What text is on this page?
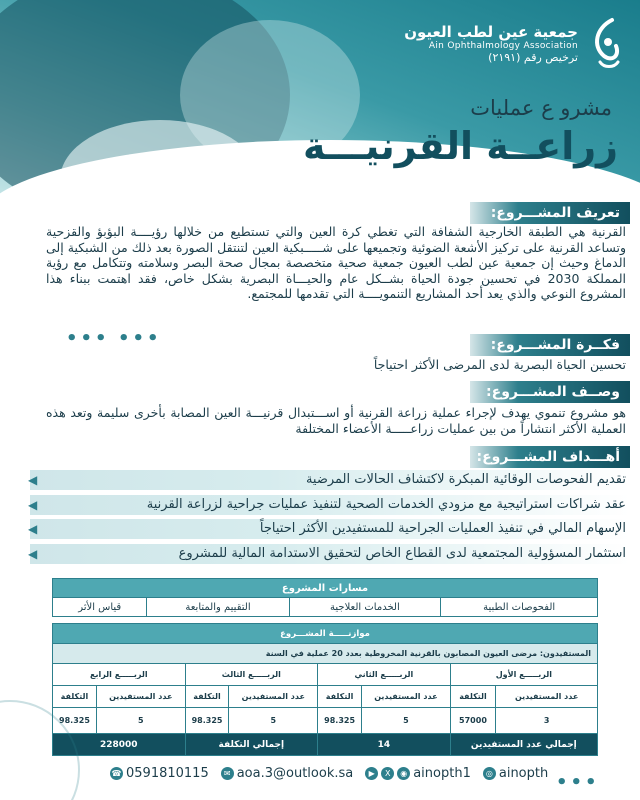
جمعية عين لطب العيون
Ain Ophthalmology Association
ترخيص رقم (٢١٩١)
مشرو ع عمليات
زراعــة القرنيـــة
تعريف المشـــروع:
القرنية هي الطبقة الخارجية الشفافة التي تغطي كرة العين والتي تستطيع من خلالها رؤيــــة البؤبؤ والقزحية وتساعد القرنية على تركيز الأشعة الضوئية وتجميعها على شـــــبكية العين لتنتقل الصورة بعد ذلك من الشبكية إلى الدماغ وحيث إن جمعية عين لطب العيون جمعية صحية متخصصة بمجال صحة البصر وسلامته وتتكامل مع رؤية المملكة 2030 في تحسين جودة الحياة بشــكل عام والحيـــاة البصرية بشكل خاص، فقد اهتمت ببناء هذا المشروع النوعي والذي يعد أحد المشاريع التنمويــــة التي تقدمها للمجتمع.
••• •••	فكــرة المشـــروع:
تحسين الحياة البصرية لدى المرضى الأكثر احتياجاً
وصــف المشـــروع:
هو مشروع تنموي يهدف لإجراء عملية زراعة القرنية أو اســـتبدال قرنيـــة العين المصابة بأخرى سليمة وتعد هذه العملية الأكثر انتشاراً من بين عمليات زراعـــــة الأعضاء المختلفة
أهـــداف المشـــروع:
تقديم الفحوصات الوقائية المبكرة لاكتشاف الحالات المرضية
◀
عقد شراكات استراتيجية مع مزودي الخدمات الصحية لتنفيذ عمليات جراحية لزراعة القرنية
◀
الإسهام المالي في تنفيذ العمليات الجراحية للمستفيدين الأكثر احتياجاً
◀
استثمار المسؤولية المجتمعية لدى القطاع الخاص لتحقيق الاستدامة المالية للمشروع
◀
مسارات المشروع
قياس الأثر	التقييم والمتابعة	الخدمات العلاجية	الفحوصات الطبية
موازنـــــة المشـــروع							
المستفيدون: مرضى العيون المصابون بالقرنية المخروطية بعدد 20 عملية في السنة							
الربـــــع الرابع		الربـــــع الثالث		الربـــــع الثاني		الربـــــع الأول	
التكلفة	عدد المستفيدين	التكلفة	عدد المستفيدين	التكلفة	عدد المستفيدين	التكلفة	عدد المستفيدين
98.325	5	98.325	5	98.325	5	57000	3
228000		إجمالي التكلفة		14		إجمالي عدد المستفيدين	
•••
☎ 0591810115	✉ aoa.3@outlook.sa	▶	X	◉ ainopth1	◎ ainopth
